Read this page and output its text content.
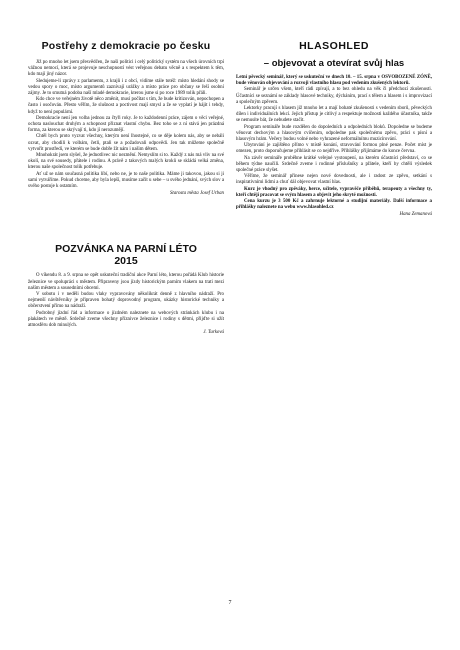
Postřehy z demokracie po česku

Již po mnoho let jsem přesvědčen, že naši politici i celý politický systém na všech úrovních trpí vážnou nemocí, která se projevuje neschopností vést veřejnou debatu věcně a s respektem k těm, kdo mají jiný názor.

Sledujeme-li zprávy z parlamentu, z krajů i z obcí, vidíme stále totéž: místo hledání shody se vedou spory o moc, místo argumentů zaznívají urážky a místo práce pro občany se řeší osobní zájmy. Je to smutná podoba naší mladé demokracie, kterou jsme si po roce 1989 tolik přáli.

Kdo chce ve veřejném životě něco změnit, musí počítat s tím, že bude kritizován, nepochopen a často i osočován. Přesto věřím, že slušnost a poctivost mají smysl a že se vyplatí je hájit i tehdy, když to není populární.

Demokracie není jen volba jednou za čtyři roky. Je to každodenní práce, zájem o věci veřejné, ochota naslouchat druhým a schopnost přiznat vlastní chybu. Bez toho se z ní stává jen prázdná forma, za kterou se skrývají ti, kdo jí nerozumějí.

Chtěl bych proto vyzvat všechny, kterým není lhostejné, co se děje kolem nás, aby se nebáli ozvat, aby chodili k volbám, četli, ptali se a požadovali odpovědi. Jen tak můžeme společně vytvořit prostředí, ve kterém se bude dobře žít nám i našim dětem.

Mnohokrát jsem slyšel, že jednotlivec nic nezmění. Nemyslím si to. Každý z nás má vliv na své okolí, na své sousedy, přátele i rodinu. A právě z takových malých kroků se skládá velká změna, kterou naše společnost tolik potřebuje.

Ať už se nám současná politika líbí, nebo ne, je to naše politika. Máme ji takovou, jakou si ji sami vytváříme. Pokud chceme, aby byla lepší, musíme začít u sebe – u svého jednání, svých slov a svého postoje k ostatním.

Starosta města Josef Urban
POZVÁNKA NA PARNÍ LÉTO
2015

O víkendu 8. a 9. srpna se opět uskuteční tradiční akce Parní léto, kterou pořádá Klub historie železnice ve spolupráci s městem. Připraveny jsou jízdy historickým parním vlakem na trati mezi naším městem a sousedními obcemi.

V sobotu i v neděli budou vlaky vypravovány několikrát denně z hlavního nádraží. Pro nejmenší návštěvníky je připraven bohatý doprovodný program, ukázky historické techniky a občerstvení přímo na nádraží.

Podrobný jízdní řád a informace o jízdném naleznete na webových stránkách klubu i na plakátech ve městě. Srdečně zveme všechny příznivce železnice i rodiny s dětmi, přijďte si užít atmosféru dob minulých.

J. Turková
HLASOHLED
– objevovat a otevírat svůj hlas

Letní pěvecký seminář, který se uskuteční ve dnech 10. – 15. srpna v OSVOBOZENÉ ZÓNĚ, bude věnován objevování a rozvoji vlastního hlasu pod vedením zkušených lektorů.

Seminář je určen všem, kteří rádi zpívají, a to bez ohledu na věk či předchozí zkušenosti. Účastníci se seznámí se základy hlasové techniky, dýcháním, prací s tělem a hlasem i s improvizací a společným zpěvem.

Lektorky pracují s hlasem již mnoho let a mají bohaté zkušenosti s vedením sborů, pěveckých dílen i individuálních lekcí. Jejich přístup je citlivý a respektuje možnosti každého účastníka, takže se nemusíte bát, že nebudete stačit.

Program semináře bude rozdělen do dopoledních a odpoledních bloků. Dopoledne se budeme věnovat dechovým a hlasovým cvičením, odpoledne pak společnému zpěvu, práci s písní a hlasovým hrám. Večery budou volné nebo vyhrazené neformálnímu muzicírování.

Ubytování je zajištěno přímo v místě konání, stravování formou plné penze. Počet míst je omezen, proto doporučujeme přihlásit se co nejdříve. Přihlášky přijímáme do konce června.

Na závěr semináře proběhne krátké veřejné vystoupení, na kterém účastníci představí, co se během týdne naučili. Srdečně zveme i rodinné příslušníky a přátele, kteří by chtěli výsledek společné práce slyšet.

Věříme, že seminář přinese nejen nové dovednosti, ale i radost ze zpěvu, setkání s inspirativními lidmi a chuť dál objevovat vlastní hlas.

Kurz je vhodný pro zpěváky, herce, učitele, vypravěče příběhů, terapeuty a všechny ty, kteří chtějí pracovat se svým hlasem a objevit jeho skryté možnosti.

Cena kurzu je 3 500 Kč a zahrnuje lektorné a studijní materiály. Další informace a přihlášky naleznete na webu www.hlasohled.cz

Hana Zemanová
7
